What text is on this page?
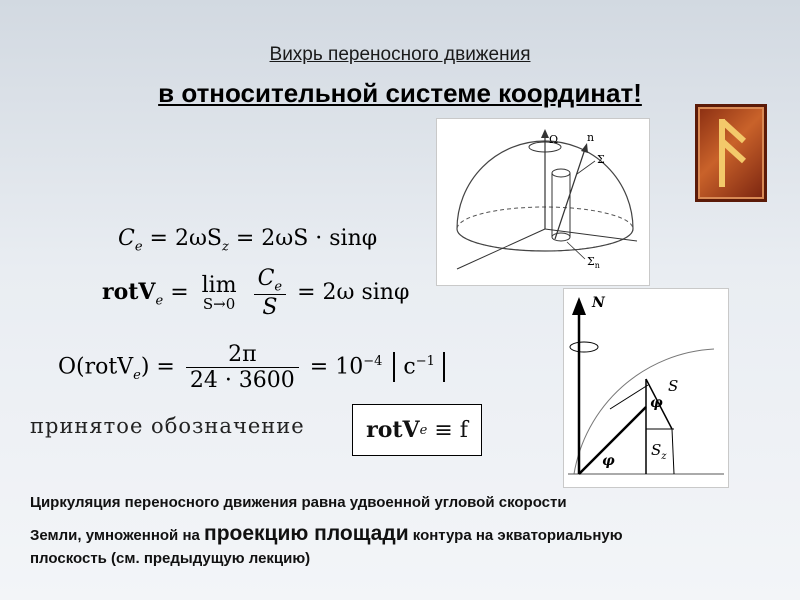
Вихрь переносного движения
в относительной системе координат!
Ω	n
Σ
$\Sigma_n$
N
S
$S_z$
φ
φ
$C_e = 2\omega S_z = 2\omega S \cdot \sin\varphi$
rotV$_e$ = lim
S→0
$\frac{C_e}{S} = 2\omega$ sinφ
O(rotV$_e$) = $\frac{2\pi}{24 \cdot 3600} = 10^{-4}$ $c^{-1}$
принятое обозначение	rotV e
≡ f
Циркуляция переносного движения равна удвоенной угловой скорости
Земли, умноженной на проекцию площади контура на экваториальную
плоскость (см. предыдущую лекцию)
